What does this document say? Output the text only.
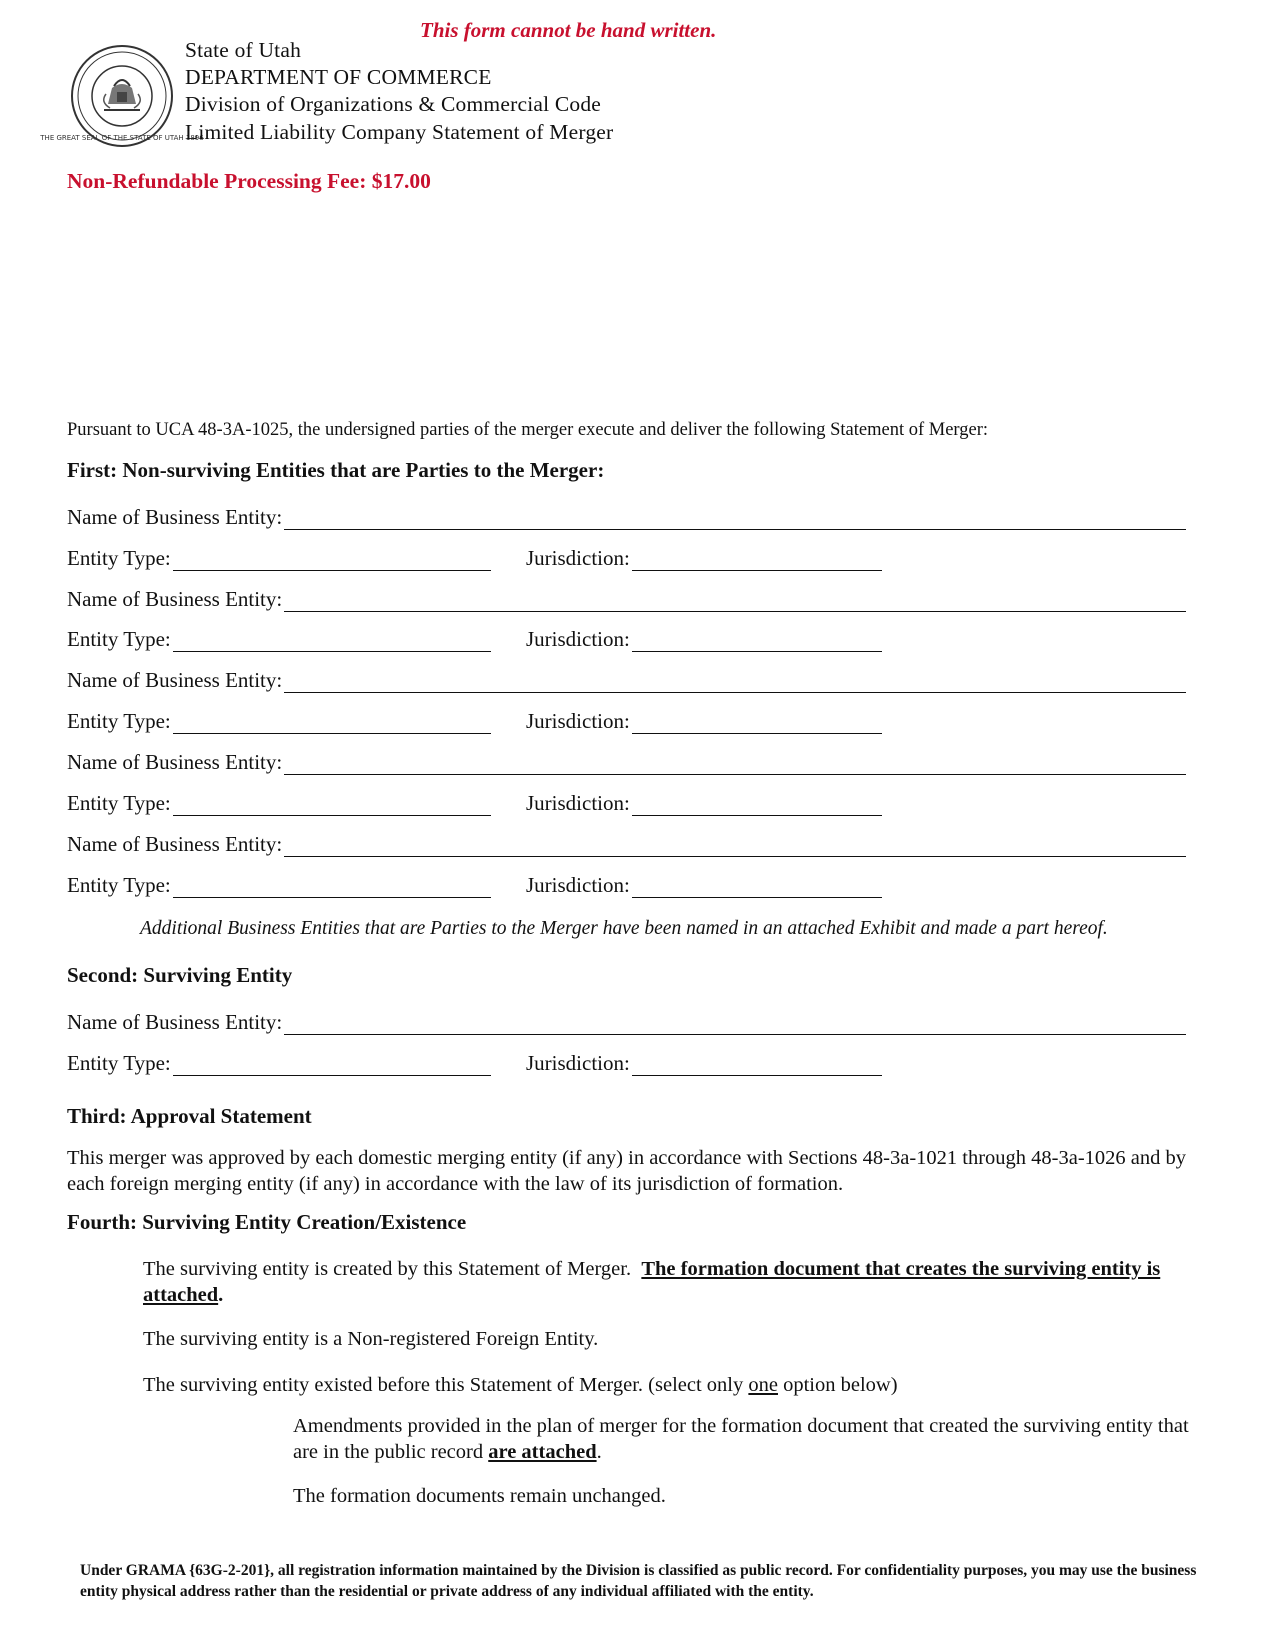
This form cannot be hand written.
THE GREAT SEAL OF THE STATE OF UTAH 1896
State of Utah
DEPARTMENT OF COMMERCE
Division of Organizations & Commercial Code
Limited Liability Company Statement of Merger
Non-Refundable Processing Fee: $17.00
Pursuant to UCA 48-3A-1025, the undersigned parties of the merger execute and deliver the following Statement of Merger:
First: Non-surviving Entities that are Parties to the Merger:
Name of Business Entity:
Entity Type:	Jurisdiction:
Name of Business Entity:
Entity Type:	Jurisdiction:
Name of Business Entity:
Entity Type:	Jurisdiction:
Name of Business Entity:
Entity Type:	Jurisdiction:
Name of Business Entity:
Entity Type:	Jurisdiction:
Additional Business Entities that are Parties to the Merger have been named in an attached Exhibit and made a part hereof.
Second: Surviving Entity
Name of Business Entity:
Entity Type:	Jurisdiction:
Third: Approval Statement
This merger was approved by each domestic merging entity (if any) in accordance with Sections 48-3a-1021 through 48-3a-1026 and by each foreign merging entity (if any) in accordance with the law of its jurisdiction of formation.
Fourth: Surviving Entity Creation/Existence
The surviving entity is created by this Statement of Merger. The formation document that creates the surviving entity is attached.
The surviving entity is a Non-registered Foreign Entity.
The surviving entity existed before this Statement of Merger. (select only one option below)
Amendments provided in the plan of merger for the formation document that created the surviving entity that are in the public record are attached.
The formation documents remain unchanged.
Under GRAMA {63G-2-201}, all registration information maintained by the Division is classified as public record. For confidentiality purposes, you may use the business entity physical address rather than the residential or private address of any individual affiliated with the entity.
